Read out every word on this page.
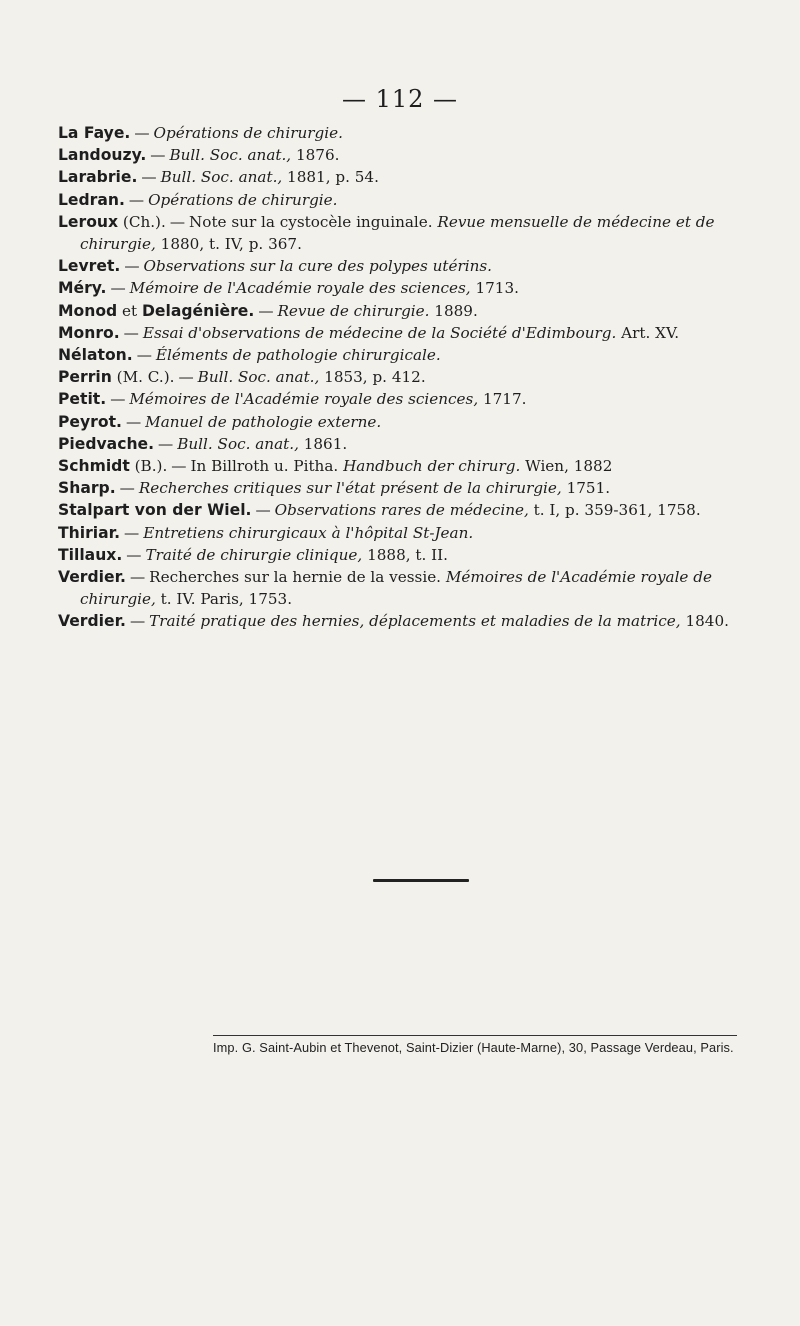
— 112 —

La Faye. — Opérations de chirurgie.

Landouzy. — Bull. Soc. anat., 1876.

Larabrie. — Bull. Soc. anat., 1881, p. 54.

Ledran. — Opérations de chirurgie.

Leroux (Ch.). — Note sur la cystocèle inguinale. Revue mensuelle de médecine et de chirurgie, 1880, t. IV, p. 367.

Levret. — Observations sur la cure des polypes utérins.

Méry. — Mémoire de l'Académie royale des sciences, 1713.

Monod et Delagénière. — Revue de chirurgie. 1889.

Monro. — Essai d'observations de médecine de la Société d'Edimbourg. Art. XV.

Nélaton. — Éléments de pathologie chirurgicale.

Perrin (M. C.). — Bull. Soc. anat., 1853, p. 412.

Petit. — Mémoires de l'Académie royale des sciences, 1717.

Peyrot. — Manuel de pathologie externe.

Piedvache. — Bull. Soc. anat., 1861.

Schmidt (B.). — In Billroth u. Pitha. Handbuch der chirurg. Wien, 1882

Sharp. — Recherches critiques sur l'état présent de la chirurgie, 1751.

Stalpart von der Wiel. — Observations rares de médecine, t. I, p. 359-361, 1758.

Thiriar. — Entretiens chirurgicaux à l'hôpital St-Jean.

Tillaux. — Traité de chirurgie clinique, 1888, t. II.

Verdier. — Recherches sur la hernie de la vessie. Mémoires de l'Académie royale de chirurgie, t. IV. Paris, 1753.

Verdier. — Traité pratique des hernies, déplacements et maladies de la matrice, 1840.

Imp. G. Saint-Aubin et Thevenot, Saint-Dizier (Haute-Marne), 30, Passage Verdeau, Paris.
